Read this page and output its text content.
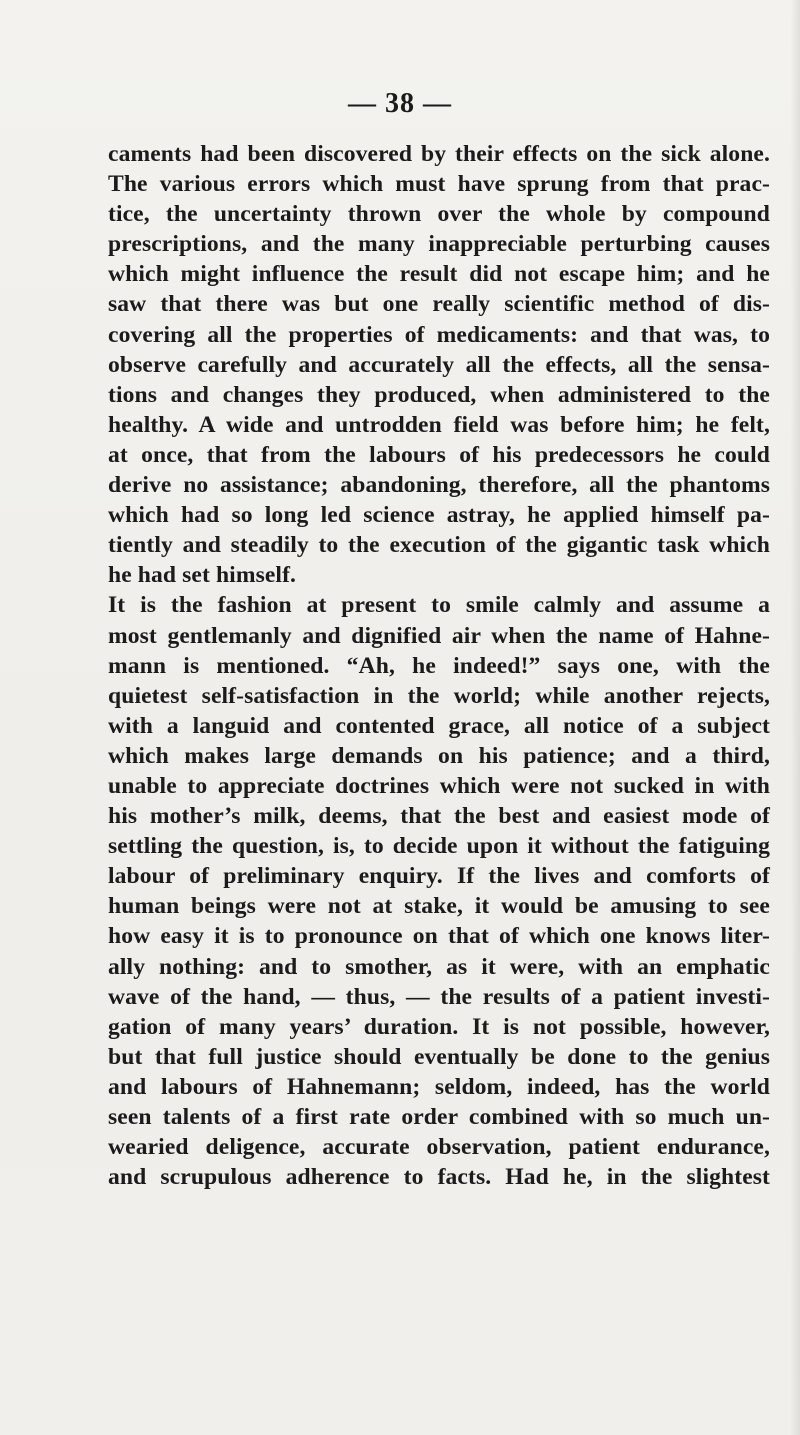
— 38 —
caments had been discovered by their effects on the sick alone.
The various errors which must have sprung from that prac-
tice, the uncertainty thrown over the whole by compound
prescriptions, and the many inappreciable perturbing causes
which might influence the result did not escape him; and he
saw that there was but one really scientific method of dis-
covering all the properties of medicaments: and that was, to
observe carefully and accurately all the effects, all the sensa-
tions and changes they produced, when administered to the
healthy. A wide and untrodden field was before him; he felt,
at once, that from the labours of his predecessors he could
derive no assistance; abandoning, therefore, all the phantoms
which had so long led science astray, he applied himself pa-
tiently and steadily to the execution of the gigantic task which
he had set himself.
It is the fashion at present to smile calmly and assume a
most gentlemanly and dignified air when the name of Hahne-
mann is mentioned. “Ah, he indeed!” says one, with the
quietest self-satisfaction in the world; while another rejects,
with a languid and contented grace, all notice of a subject
which makes large demands on his patience; and a third,
unable to appreciate doctrines which were not sucked in with
his mother’s milk, deems, that the best and easiest mode of
settling the question, is, to decide upon it without the fatiguing
labour of preliminary enquiry. If the lives and comforts of
human beings were not at stake, it would be amusing to see
how easy it is to pronounce on that of which one knows liter-
ally nothing: and to smother, as it were, with an emphatic
wave of the hand, — thus, — the results of a patient investi-
gation of many years’ duration. It is not possible, however,
but that full justice should eventually be done to the genius
and labours of Hahnemann; seldom, indeed, has the world
seen talents of a first rate order combined with so much un-
wearied deligence, accurate observation, patient endurance,
and scrupulous adherence to facts. Had he, in the slightest
